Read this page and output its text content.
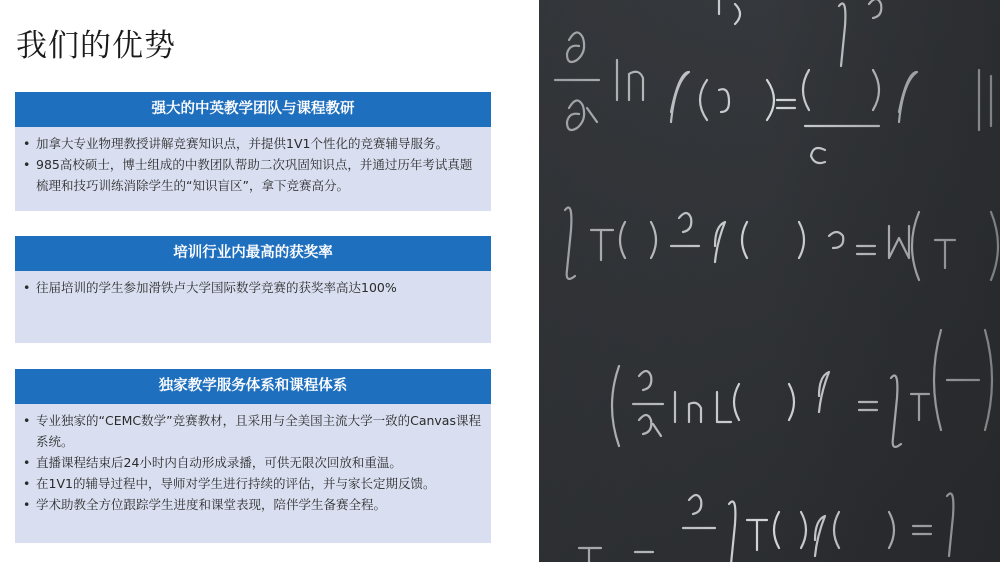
我们的优势
强大的中英教学团队与课程教研
• 加拿大专业物理教授讲解竞赛知识点，并提供1V1个性化的竞赛辅导服务。
• 985高校硕士，博士组成的中教团队帮助二次巩固知识点，并通过历年考试真题梳理和技巧训练消除学生的“知识盲区”，拿下竞赛高分。
培训行业内最高的获奖率
• 往届培训的学生参加滑铁卢大学国际数学竞赛的获奖率高达100%
独家教学服务体系和课程体系
• 专业独家的“CEMC数学”竞赛教材，且采用与全美国主流大学一致的Canvas课程系统。
• 直播课程结束后24小时内自动形成录播，可供无限次回放和重温。
• 在1V1的辅导过程中，导师对学生进行持续的评估，并与家长定期反馈。
• 学术助教全方位跟踪学生进度和课堂表现，陪伴学生备赛全程。
